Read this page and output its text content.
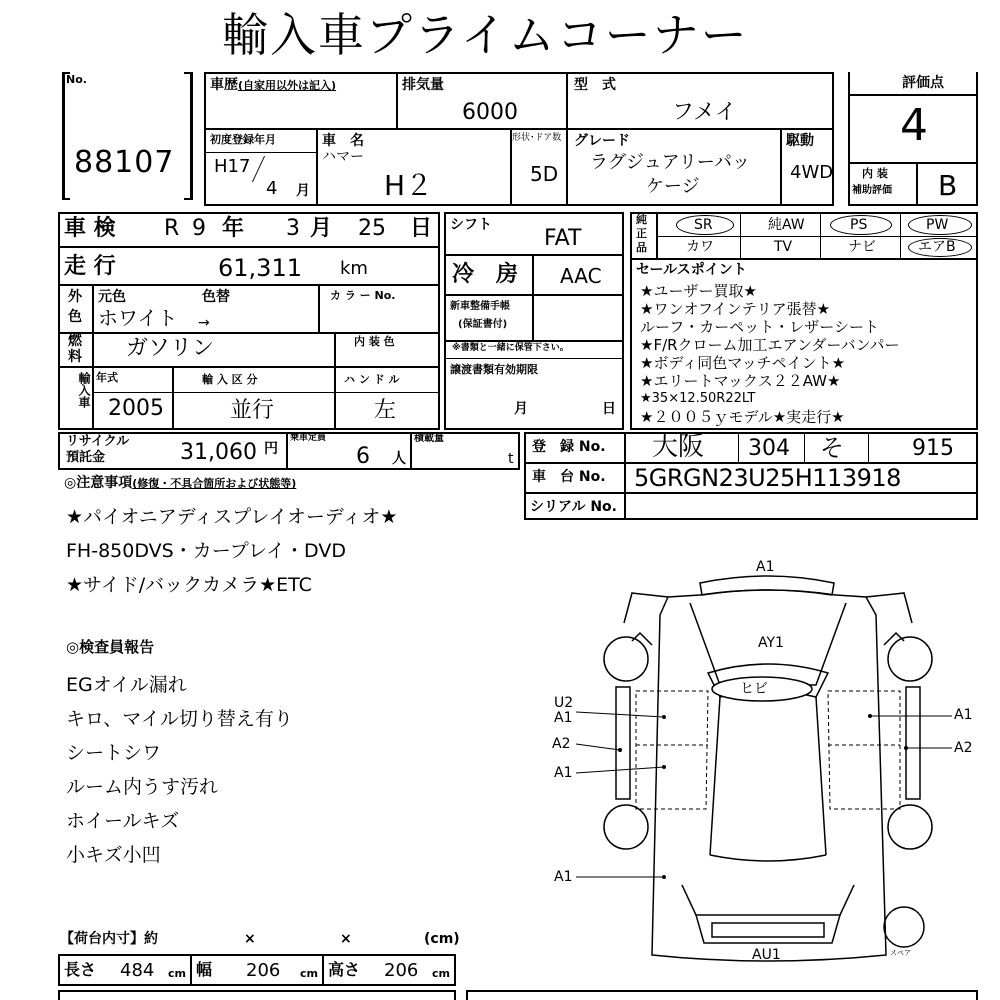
輸入車プライムコーナー
No.
88107
車歴(自家用以外は記入)	排気量
6000
型　式
フメイ
初度登録年月
H17
4 月
車　名
ハマー
H２
形状･ドア数
5D
グレード
ラグジュアリーパッ
ケージ
駆動
4WD
評価点
4
内 装
補助評価 B
車 検 R 9 年 3 月 25 日
走 行	61,311 km
外
色
元色	色替
ホワイト →
カ ラ ー No.
燃
料 ガソリン	内 装 色
輸入車 年式
2005
輸 入 区 分
並行
ハ ン ド ル
左
シフト
FAT
冷　房 AAC
新車整備手帳
(保証書付)
※書類と一緒に保管下さい。
譲渡書類有効期限
月	日
純
正
品
SR	純AW	PS	PW
カワ	TV	ナビ	エアB
セールスポイント
★ユーザー買取★
★ワンオフインテリア張替★
ルーフ・カーペット・レザーシート
★F/Rクローム加工エアンダーバンパー
★ボディ同色マッチペイント★
★エリートマックス２２AW★
★35×12.50R22LT
★２００５ｙモデル★実走行★
リサイクル
預託金	31,060 円
乗車定員
6 人
積載量
t
登　録 No. 大阪 304 そ	915
車　台 No. 5GRGN23U25H113918
シリアル No.
◎注意事項(修復・不具合箇所および状態等)
★パイオニアディスプレイオーディオ★
FH-850DVS・カープレイ・DVD
★サイド/バックカメラ★ETC
◎検査員報告
EGオイル漏れ
キロ、マイル切り替え有り
シートシワ
ルーム内うす汚れ
ホイールキズ
小キズ小凹
【荷台内寸】約	×	×	(cm)
長さ 484 cm 幅 206 cm 高さ 206 cm
A1
AY1
ヒビ
U2
A1
A2
A1
A1
A1
A2
AU1	スペア
